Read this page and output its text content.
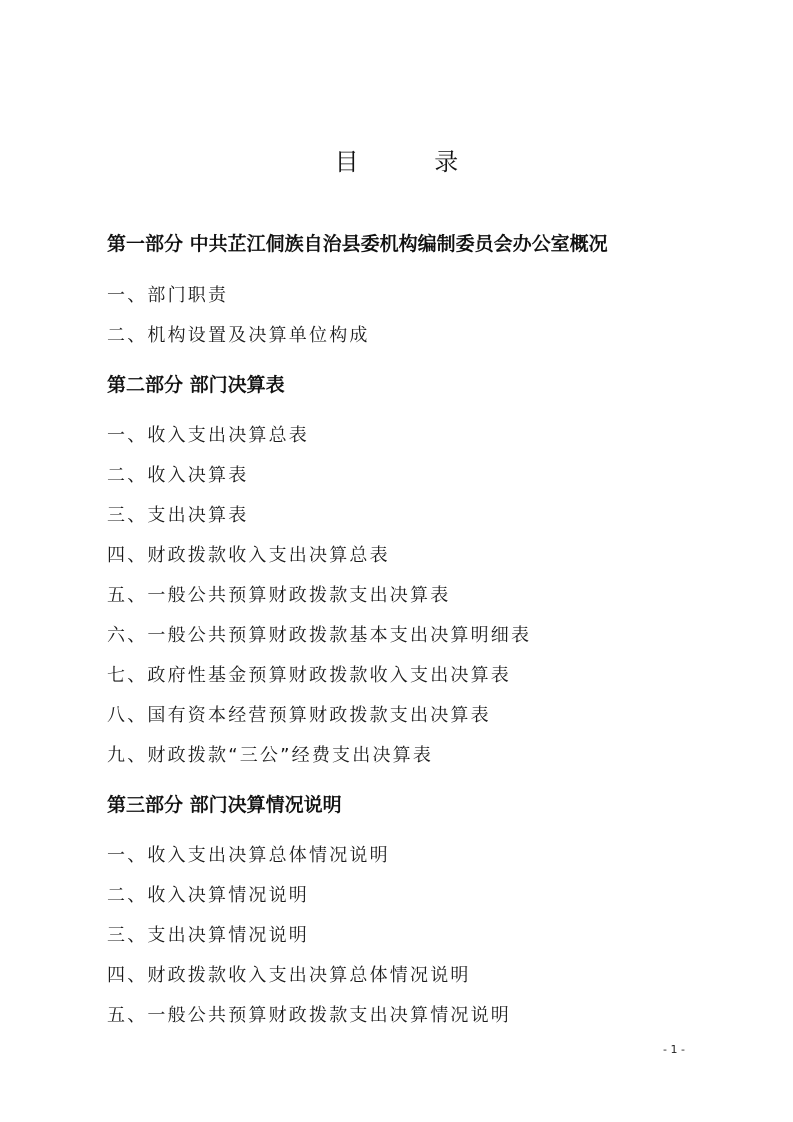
目 录
第一部分 中共芷江侗族自治县委机构编制委员会办公室概况
一、部门职责
二、机构设置及决算单位构成
第二部分 部门决算表
一、收入支出决算总表
二、收入决算表
三、支出决算表
四、财政拨款收入支出决算总表
五、一般公共预算财政拨款支出决算表
六、一般公共预算财政拨款基本支出决算明细表
七、政府性基金预算财政拨款收入支出决算表
八、国有资本经营预算财政拨款支出决算表
九、财政拨款“三公”经费支出决算表
第三部分 部门决算情况说明
一、收入支出决算总体情况说明
二、收入决算情况说明
三、支出决算情况说明
四、财政拨款收入支出决算总体情况说明
五、一般公共预算财政拨款支出决算情况说明
- 1 -
